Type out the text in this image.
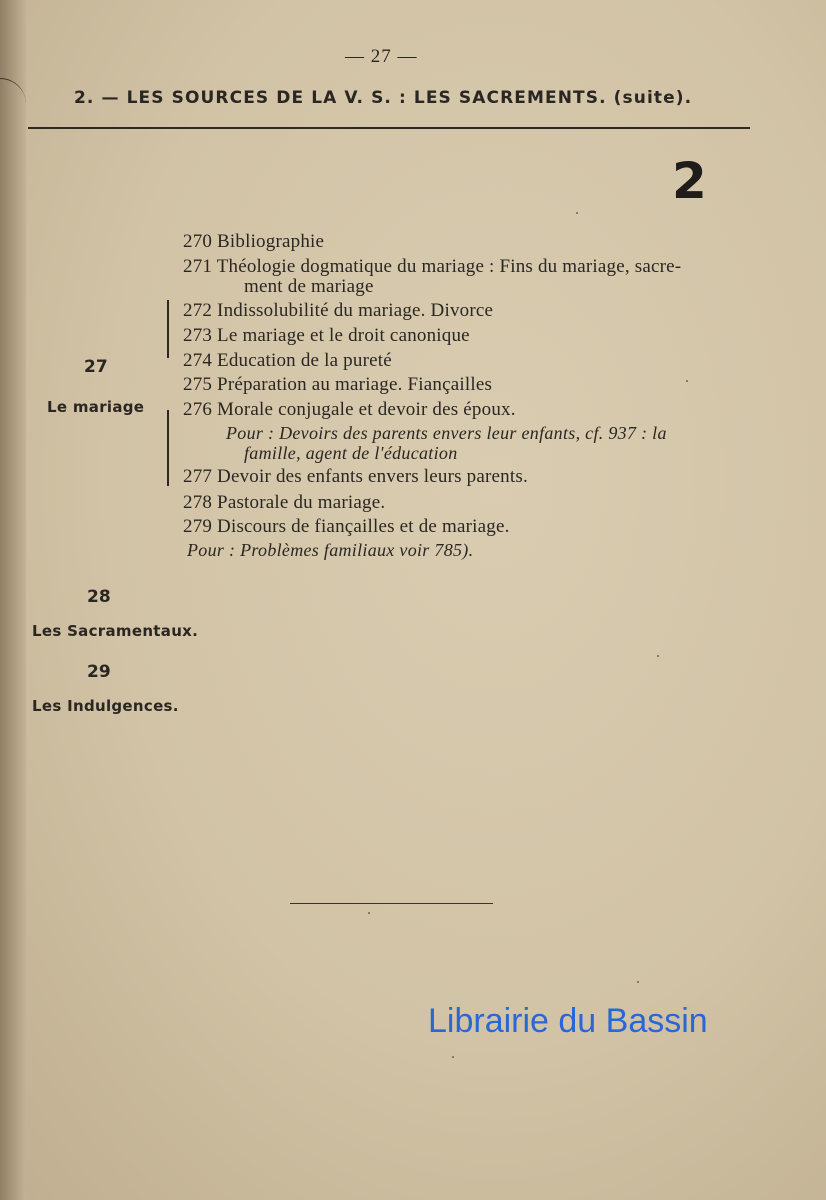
— 27 —
2. — LES SOURCES DE LA V. S. : LES SACREMENTS. (suite).
2
27
Le mariage
28
Les Sacramentaux.
29
Les Indulgences.
270 Bibliographie
271 Théologie dogmatique du mariage : Fins du mariage, sacre-
ment de mariage
272 Indissolubilité du mariage. Divorce
273 Le mariage et le droit canonique
274 Education de la pureté
275 Préparation au mariage. Fiançailles
276 Morale conjugale et devoir des époux.
Pour : Devoirs des parents envers leur enfants, cf. 937 : la
famille, agent de l'éducation
277 Devoir des enfants envers leurs parents.
278 Pastorale du mariage.
279 Discours de fiançailles et de mariage.
Pour : Problèmes familiaux voir 785).
Librairie du Bassin
